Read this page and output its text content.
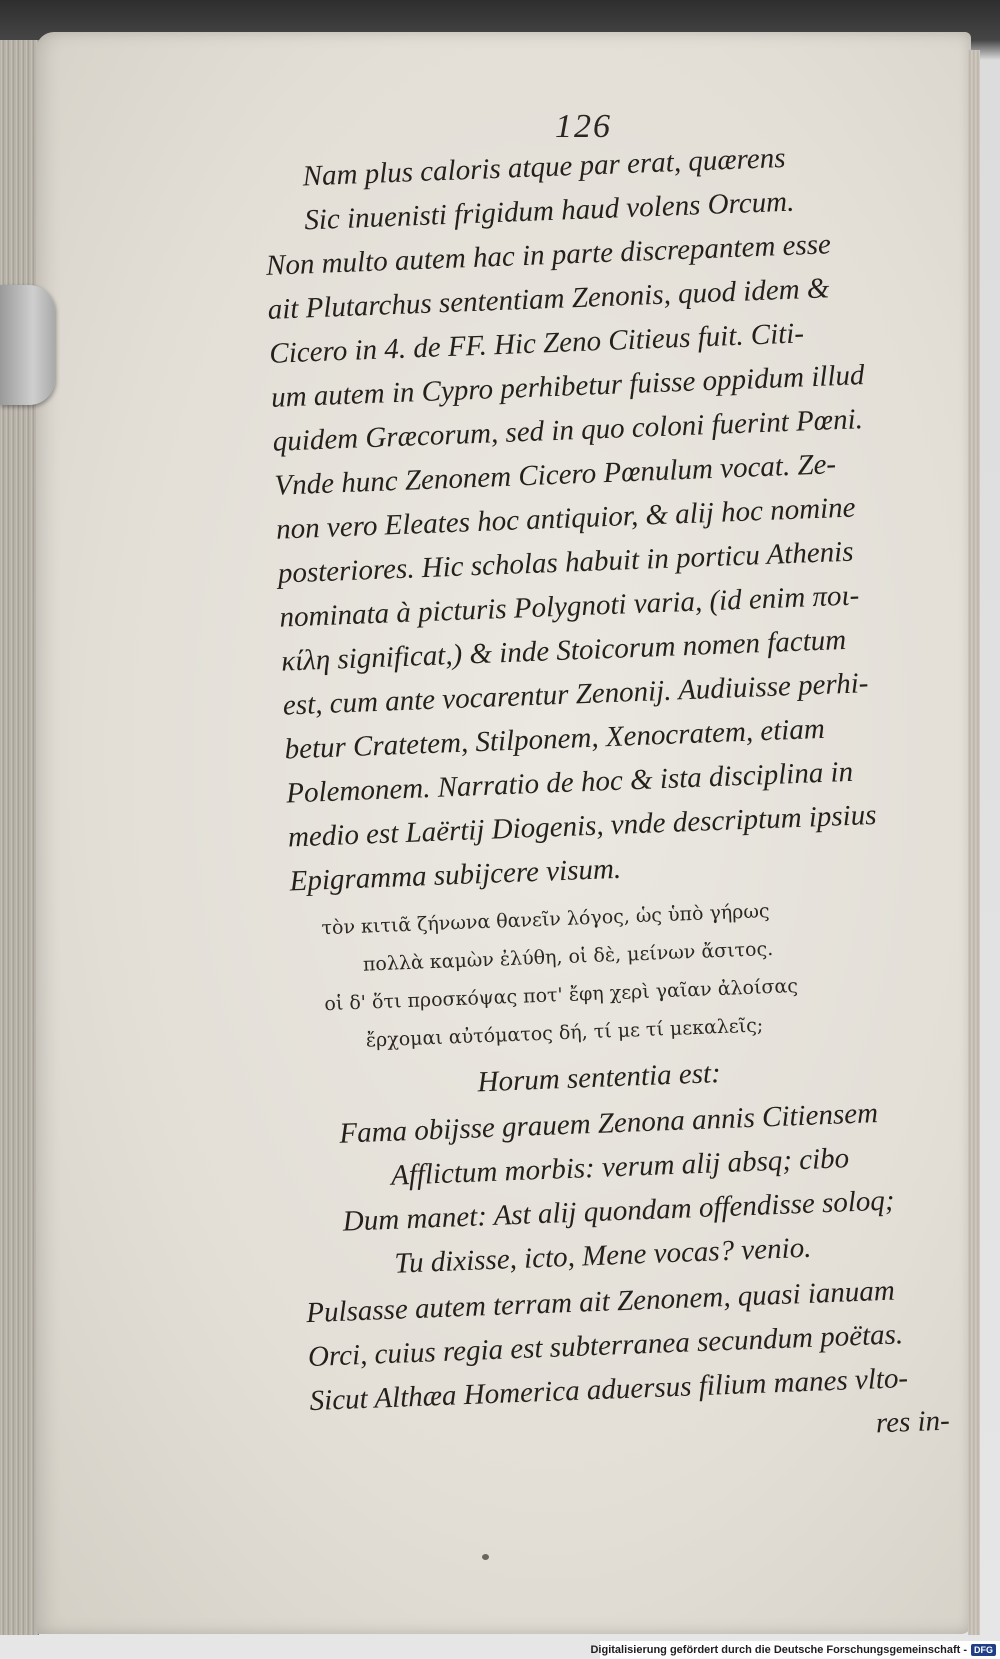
126
Nam plus caloris atque par erat, quærens
Sic inuenisti frigidum haud volens Orcum.
Non multo autem hac in parte discrepantem esse
ait Plutarchus sententiam Zenonis, quod idem &
Cicero in 4. de FF. Hic Zeno Citieus fuit. Citi-
um autem in Cypro perhibetur fuisse oppidum illud
quidem Græcorum, sed in quo coloni fuerint Pœni.
Vnde hunc Zenonem Cicero Pœnulum vocat. Ze-
non vero Eleates hoc antiquior, & alij hoc nomine
posteriores. Hic scholas habuit in porticu Athenis
nominata à picturis Polygnoti varia, (id enim ποι-
κίλη significat,) & inde Stoicorum nomen factum
est, cum ante vocarentur Zenonij. Audiuisse perhi-
betur Cratetem, Stilponem, Xenocratem, etiam
Polemonem. Narratio de hoc & ista disciplina in
medio est Laërtij Diogenis, vnde descriptum ipsius
Epigramma subijcere visum.
τὸν κιτιᾶ ζήνωνα θανεῖν λόγος, ὡς ὑπὸ γήρως
πολλὰ καμὼν ἐλύθη, οἱ δὲ, μείνων ἄσιτος.
οἱ δ' ὅτι προσκόψας ποτ' ἔφη χερὶ γαῖαν ἀλοίσας
ἔρχομαι αὐτόματος δή, τί με τί μεκαλεῖς;
Horum sententia est:
Fama obijsse grauem Zenona annis Citiensem
Afflictum morbis: verum alij absq; cibo
Dum manet: Ast alij quondam offendisse soloq;
Tu dixisse, icto, Mene vocas? venio.
Pulsasse autem terram ait Zenonem, quasi ianuam
Orci, cuius regia est subterranea secundum poëtas.
Sicut Althæa Homerica aduersus filium manes vlto-
res in-
Digitalisierung gefördert durch die Deutsche Forschungsgemeinschaft - DFG
